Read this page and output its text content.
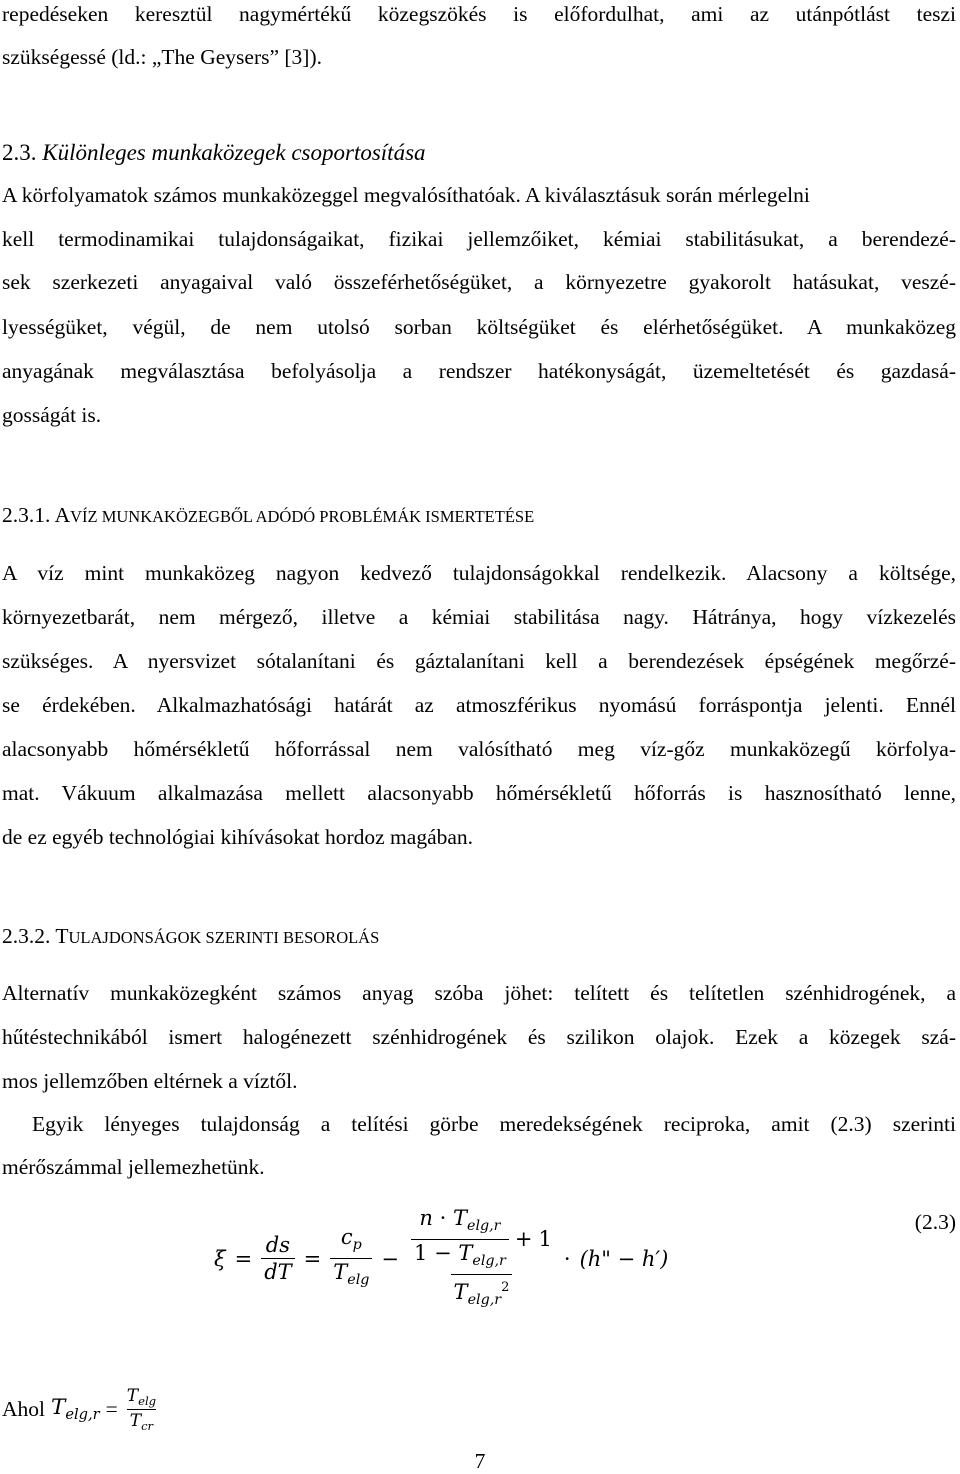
repedéseken keresztül nagymértékű közegszökés is előfordulhat, ami az utánpótlást teszi
szükségessé (ld.: „The Geysers” [3]).
2.3. Különleges munkaközegek csoportosítása
A körfolyamatok számos munkaközeggel megvalósíthatóak. A kiválasztásuk során mérlegelni
kell termodinamikai tulajdonságaikat, fizikai jellemzőiket, kémiai stabilitásukat, a berendezé-
sek szerkezeti anyagaival való összeférhetőségüket, a környezetre gyakorolt hatásukat, veszé-
lyességüket, végül, de nem utolsó sorban költségüket és elérhetőségüket. A munkaközeg
anyagának megválasztása befolyásolja a rendszer hatékonyságát, üzemeltetését és gazdasá-
gosságát is.
2.3.1. AVÍZ MUNKAKÖZEGBŐL ADÓDÓ PROBLÉMÁK ISMERTETÉSE
A víz mint munkaközeg nagyon kedvező tulajdonságokkal rendelkezik. Alacsony a költsége,
környezetbarát, nem mérgező, illetve a kémiai stabilitása nagy. Hátránya, hogy vízkezelés
szükséges. A nyersvizet sótalanítani és gáztalanítani kell a berendezések épségének megőrzé-
se érdekében. Alkalmazhatósági határát az atmoszférikus nyomású forráspontja jelenti. Ennél
alacsonyabb hőmérsékletű hőforrással nem valósítható meg víz-gőz munkaközegű körfolya-
mat. Vákuum alkalmazása mellett alacsonyabb hőmérsékletű hőforrás is hasznosítható lenne,
de ez egyéb technológiai kihívásokat hordoz magában.
2.3.2. TULAJDONSÁGOK SZERINTI BESOROLÁS
Alternatív munkaközegként számos anyag szóba jöhet: telített és telítetlen szénhidrogének, a
hűtéstechnikából ismert halogénezett szénhidrogének és szilikon olajok. Ezek a közegek szá-
mos jellemzőben eltérnek a víztől.
Egyik lényeges tulajdonság a telítési görbe meredekségének reciproka, amit (2.3) szerinti
mérőszámmal jellemezhetünk.
(2.3)
$\xi = \frac{ds}{dT} = \frac{c_p}{T_{elg}} - \frac{\frac{n \cdot T_{elg,r}}{1 - T_{elg,r}} + 1}{T_{elg,r}^2} \cdot (h$" − h′)
Ahol $T_{elg,r} = \frac{T_{elg}}{T_{cr}}$
7
